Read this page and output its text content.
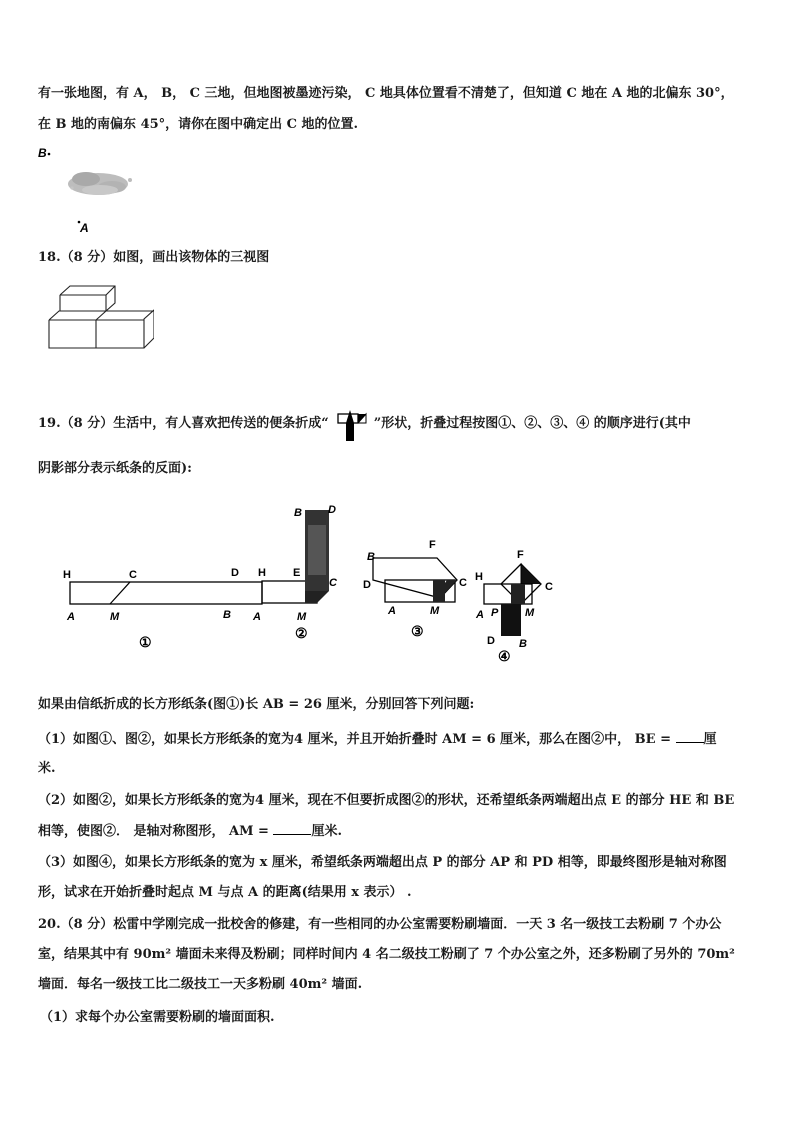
有一张地图，有 A， B， C 三地，但地图被墨迹污染， C 地具体位置看不清楚了，但知道 C 地在 A 地的北偏东 30°，
在 B 地的南偏东 45°，请你在图中确定出 C 地的位置.
B
A
18.（8 分）如图，画出该物体的三视图
19.（8 分）生活中，有人喜欢把传送的便条折成“	”形状，折叠过程按图①、②、③、④ 的顺序进行(其中
阴影部分表示纸条的反面):
H	C	D
A	M	B
①
H E
B D
C
A	M
②
B
F
D	C
A	M
③
H
F
C
A P M
D B
④
如果由信纸折成的长方形纸条(图①)长 AB = 26 厘米，分别回答下列问题:
（1）如图①、图②，如果长方形纸条的宽为4 厘米，并且开始折叠时 AM = 6 厘米，那么在图②中， BE =	厘
米.
（2）如图②，如果长方形纸条的宽为4 厘米，现在不但要折成图②的形状，还希望纸条两端超出点 E 的部分 HE 和 BE
相等，使图②． 是轴对称图形， AM =	厘米.
（3）如图④，如果长方形纸条的宽为 x 厘米，希望纸条两端超出点 P 的部分 AP 和 PD 相等，即最终图形是轴对称图
形，试求在开始折叠时起点 M 与点 A 的距离(结果用 x 表示） .
20.（8 分）松雷中学刚完成一批校舍的修建，有一些相同的办公室需要粉刷墙面．一天 3 名一级技工去粉刷 7 个办公
室，结果其中有 90m² 墙面未来得及粉刷；同样时间内 4 名二级技工粉刷了 7 个办公室之外，还多粉刷了另外的 70m²
墙面．每名一级技工比二级技工一天多粉刷 40m² 墙面.
（1）求每个办公室需要粉刷的墙面面积.
